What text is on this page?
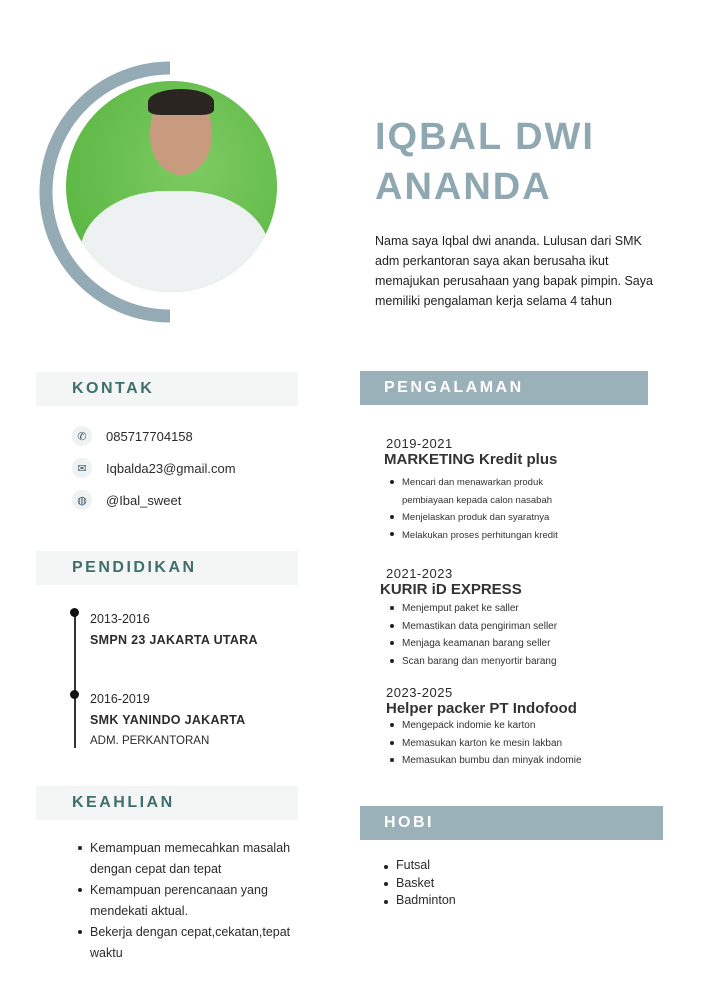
IQBAL DWI
ANANDA
Nama saya Iqbal dwi ananda. Lulusan dari SMK adm perkantoran saya akan berusaha ikut memajukan perusahaan yang bapak pimpin. Saya memiliki pengalaman kerja selama 4 tahun
KONTAK
✆	085717704158
✉	Iqbalda23@gmail.com
◍	@Ibal_sweet
PENDIDIKAN
2013-2016
SMPN 23 JAKARTA UTARA
2016-2019
SMK YANINDO JAKARTA
ADM. PERKANTORAN
KEAHLIAN
Kemampuan memecahkan masalah dengan cepat dan tepat
Kemampuan perencanaan yang mendekati aktual.
Bekerja dengan cepat,cekatan,tepat waktu
PENGALAMAN
2019-2021
MARKETING Kredit plus
Mencari dan menawarkan produk pembiayaan kepada calon nasabah
Menjelaskan produk dan syaratnya
Melakukan proses perhitungan kredit
2021-2023
KURIR iD EXPRESS
Menjemput paket ke saller
Memastikan data pengiriman seller
Menjaga keamanan barang seller
Scan barang dan menyortir barang
2023-2025
Helper packer PT Indofood
Mengepack indomie ke karton
Memasukan karton ke mesin lakban
Memasukan bumbu dan minyak indomie
HOBI
Futsal
Basket
Badminton
